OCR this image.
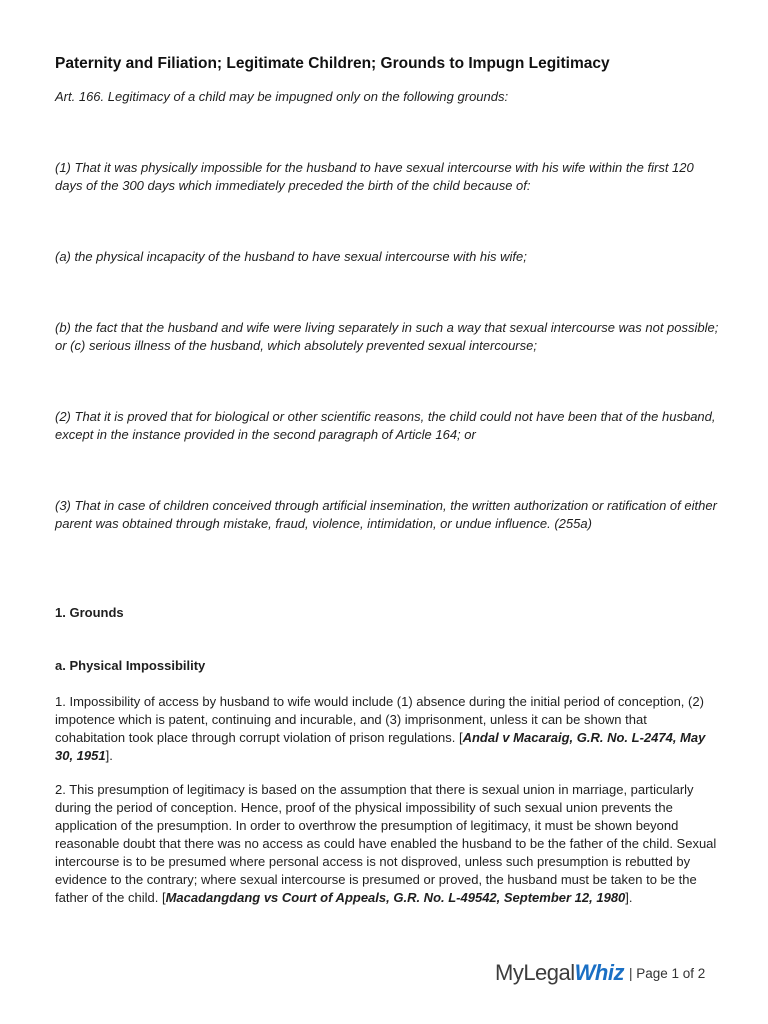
Paternity and Filiation; Legitimate Children; Grounds to Impugn Legitimacy

Art. 166. Legitimacy of a child may be impugned only on the following grounds:

(1) That it was physically impossible for the husband to have sexual intercourse with his wife within the first 120 days of the 300 days which immediately preceded the birth of the child because of:

(a) the physical incapacity of the husband to have sexual intercourse with his wife;

(b) the fact that the husband and wife were living separately in such a way that sexual intercourse was not possible; or (c) serious illness of the husband, which absolutely prevented sexual intercourse;

(2) That it is proved that for biological or other scientific reasons, the child could not have been that of the husband, except in the instance provided in the second paragraph of Article 164; or

(3) That in case of children conceived through artificial insemination, the written authorization or ratification of either parent was obtained through mistake, fraud, violence, intimidation, or undue influence. (255a)

1. Grounds

a. Physical Impossibility

1. Impossibility of access by husband to wife would include (1) absence during the initial period of conception, (2) impotence which is patent, continuing and incurable, and (3) imprisonment, unless it can be shown that cohabitation took place through corrupt violation of prison regulations. [Andal v Macaraig, G.R. No. L-2474, May 30, 1951].

2. This presumption of legitimacy is based on the assumption that there is sexual union in marriage, particularly during the period of conception. Hence, proof of the physical impossibility of such sexual union prevents the application of the presumption. In order to overthrow the presumption of legitimacy, it must be shown beyond reasonable doubt that there was no access as could have enabled the husband to be the father of the child. Sexual intercourse is to be presumed where personal access is not disproved, unless such presumption is rebutted by evidence to the contrary; where sexual intercourse is presumed or proved, the husband must be taken to be the father of the child. [Macadangdang vs Court of Appeals, G.R. No. L-49542, September 12, 1980].

MyLegalWhiz | Page 1 of 2
